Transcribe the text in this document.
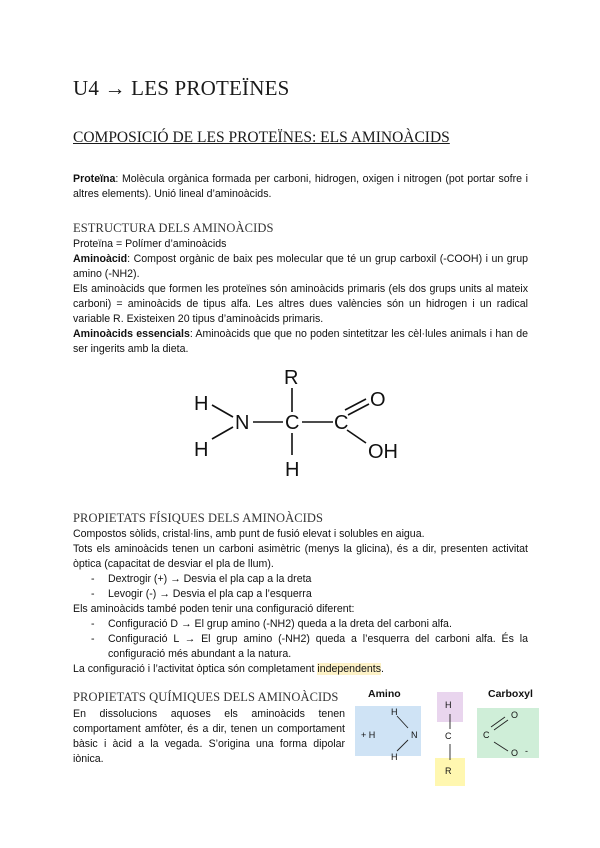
U4 → LES PROTEÏNES
COMPOSICIÓ DE LES PROTEÏNES: ELS AMINOÀCIDS
Proteïna: Molècula orgànica formada per carboni, hidrogen, oxigen i nitrogen (pot portar sofre i altres elements). Unió lineal d’aminoàcids.
ESTRUCTURA DELS AMINOÀCIDS
Proteïna = Polímer d’aminoàcids
Aminoàcid: Compost orgànic de baix pes molecular que té un grup carboxil (-COOH) i un grup amino (-NH2).
Els aminoàcids que formen les proteïnes són aminoàcids primaris (els dos grups units al mateix carboni) = aminoàcids de tipus alfa. Les altres dues valències són un hidrogen i un radical variable R. Existeixen 20 tipus d’aminoàcids primaris.
Aminoàcids essencials: Aminoàcids que que no poden sintetitzar les cèl·lules animals i han de ser ingerits amb la dieta.
R
H
H
N C C
O
OH
H
PROPIETATS FÍSIQUES DELS AMINOÀCIDS
Compostos sòlids, cristal·lins, amb punt de fusió elevat i solubles en aigua.
Tots els aminoàcids tenen un carboni asimètric (menys la glicina), és a dir, presenten activitat òptica (capacitat de desviar el pla de llum).
- Dextrogir (+) → Desvia el pla cap a la dreta
- Levogir (-) → Desvia el pla cap a l’esquerra
Els aminoàcids també poden tenir una configuració diferent:
- Configuració D → El grup amino (-NH2) queda a la dreta del carboni alfa.
-	Configuració L → El grup amino (-NH2) queda a l’esquerra del carboni alfa. És la configuració més abundant a la natura.
La configuració i l’activitat òptica són completament independents.
PROPIETATS QUÍMIQUES DELS AMINOÀCIDS
En dissolucions aquoses els aminoàcids tenen comportament amfòter, és a dir, tenen un comportament bàsic i àcid a la vegada. S’origina una forma dipolar iònica.
Amino	Carboxyl
H
C
R
H
+ H	N
H
C
O
O -
